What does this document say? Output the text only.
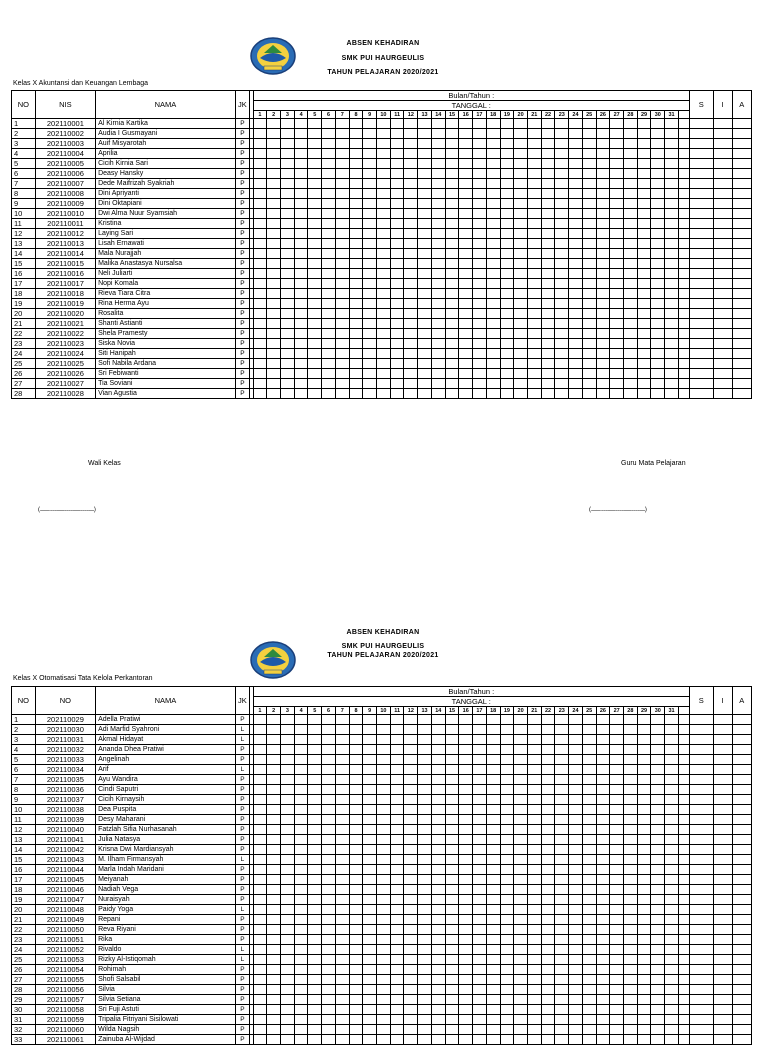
ABSEN KEHADIRAN
SMK PUI HAURGEULIS
TAHUN PELAJARAN 2020/2021
Kelas X Akuntansi dan Keuangan Lembaga
NO	NIS	NAMA	JK		Bulan/Tahun :																																S	I	A
					TANGGAL :																																		
					1	2	3	4	5	6	7	8	9	10	11	12	13	14	15	16	17	18	19	20	21	22	23	24	25	26	27	28	29	30	31				
1	202110001	Al Kirnia Kartika	P																																				
2	202110002	Audia I Gusmayani	P																																				
3	202110003	Auif Misyarotah	P																																				
4	202110004	Aprilia	P																																				
5	202110005	Cicih Kirnia Sari	P																																				
6	202110006	Deasy Hansky	P																																				
7	202110007	Dede Maifrizah Syakriah	P																																				
8	202110008	Dini Apriyanti	P																																				
9	202110009	Dini Oktapiani	P																																				
10	202110010	Dwi Alma Nuur Syamsiah	P																																				
11	202110011	Kristina	P																																				
12	202110012	Laying Sari	P																																				
13	202110013	Lisah Ernawati	P																																				
14	202110014	Mala Nurajjah	P																																				
15	202110015	Malika Anastasya Nursalsa	P																																				
16	202110016	Neli Juliarti	P																																				
17	202110017	Nopi Komala	P																																				
18	202110018	Rieva Tiara Citra	P																																				
19	202110019	Rina Herma Ayu	P																																				
20	202110020	Rosalita	P																																				
21	202110021	Shanti Astianti	P																																				
22	202110022	Shela Pramesty	P																																				
23	202110023	Siska Novia	P																																				
24	202110024	Siti Hanipah	P																																				
25	202110025	Sofi Nabila Ardana	P																																				
26	202110026	Sri Febiwanti	P																																				
27	202110027	Tia Soviani	P																																				
28	202110028	Vian Agustia	P																																				
Wali Kelas	Guru Mata Pelajaran
(...................................................)	(...................................................)
ABSEN KEHADIRAN
SMK PUI HAURGEULIS
TAHUN PELAJARAN 2020/2021
Kelas X Otomatisasi Tata Kelola Perkantoran
NO	NO	NAMA	JK		Bulan/Tahun :																																S	I	A
					TANGGAL :																																		
					1	2	3	4	5	6	7	8	9	10	11	12	13	14	15	16	17	18	19	20	21	22	23	24	25	26	27	28	29	30	31				
1	202110029	Adella Pratiwi	P																																				
2	202110030	Adi Marfid Syahroni	L																																				
3	202110031	Akmal Hidayat	L																																				
4	202110032	Ananda Dhea Pratiwi	P																																				
5	202110033	Angelinah	P																																				
6	202110034	Arif	L																																				
7	202110035	Ayu Wandira	P																																				
8	202110036	Cindi Saputri	P																																				
9	202110037	Cicih Kirnaysih	P																																				
10	202110038	Dea Puspita	P																																				
11	202110039	Desy Maharani	P																																				
12	202110040	Fatzlah Sifia Nurhasanah	P																																				
13	202110041	Julia Natasya	P																																				
14	202110042	Krisna Dwi Mardiansyah	P																																				
15	202110043	M. Ilham Firmansyah	L																																				
16	202110044	Marla Indah Maridani	P																																				
17	202110045	Meiyanah	P																																				
18	202110046	Nadiah Vega	P																																				
19	202110047	Nuraisyah	P																																				
20	202110048	Paidy Yoga	L																																				
21	202110049	Repani	P																																				
22	202110050	Reva Riyani	P																																				
23	202110051	Rika	P																																				
24	202110052	Rivaldo	L																																				
25	202110053	Rizky Al-Istiqomah	L																																				
26	202110054	Rohimah	P																																				
27	202110055	Shofi Salsabil	P																																				
28	202110056	Silvia	P																																				
29	202110057	Silvia Setiana	P																																				
30	202110058	Sri Fuji Astuti	P																																				
31	202110059	Tripalia Fitriyani Sisilowati	P																																				
32	202110060	Wilda Nagsih	P																																				
33	202110061	Zainuba Al-Wijdad	P																																				
